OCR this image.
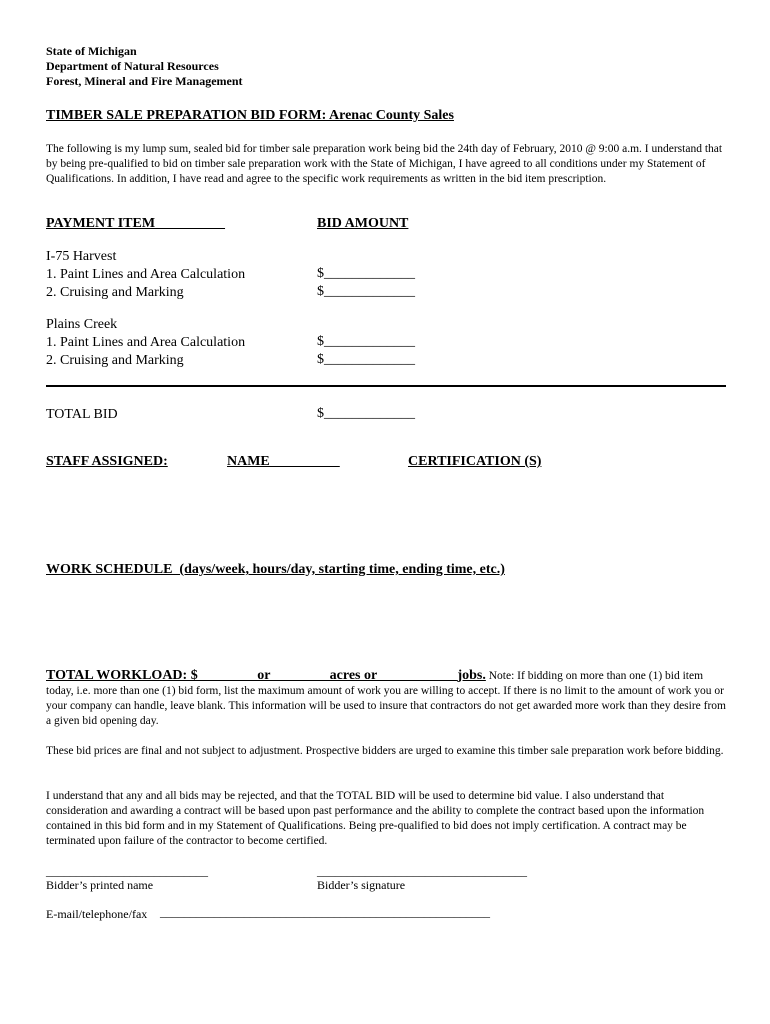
State of Michigan
Department of Natural Resources
Forest, Mineral and Fire Management
TIMBER SALE PREPARATION BID FORM: Arenac County Sales
The following is my lump sum, sealed bid for timber sale preparation work being bid the 24th day of February, 2010 @ 9:00 a.m. I understand that by being pre-qualified to bid on timber sale preparation work with the State of Michigan, I have agreed to all conditions under my Statement of Qualifications. In addition, I have read and agree to the specific work requirements as written in the bid item prescription.
PAYMENT ITEM	BID AMOUNT
I-75 Harvest
1. Paint Lines and Area Calculation	$_____________
2. Cruising and Marking	$_____________
Plains Creek
1. Paint Lines and Area Calculation	$_____________
2. Cruising and Marking	$_____________
TOTAL BID	$_____________
STAFF ASSIGNED:	NAME	CERTIFICATION (S)
WORK SCHEDULE  (days/week, hours/day, starting time, ending time, etc.)
TOTAL WORKLOAD: $________ or ________acres or ___________jobs. Note: If bidding on more than one (1) bid item today, i.e. more than one (1) bid form, list the maximum amount of work you are willing to accept. If there is no limit to the amount of work you or your company can handle, leave blank. This information will be used to insure that contractors do not get awarded more work than they desire from a given bid opening day.
These bid prices are final and not subject to adjustment. Prospective bidders are urged to examine this timber sale preparation work before bidding.
I understand that any and all bids may be rejected, and that the TOTAL BID will be used to determine bid value. I also understand that consideration and awarding a contract will be based upon past performance and the ability to complete the contract based upon the information contained in this bid form and in my Statement of Qualifications. Being pre-qualified to bid does not imply certification. A contract may be terminated upon failure of the contractor to become certified.
___________________________
Bidder’s printed name
___________________________________
Bidder’s signature
E-mail/telephone/fax _______________________________________________________
